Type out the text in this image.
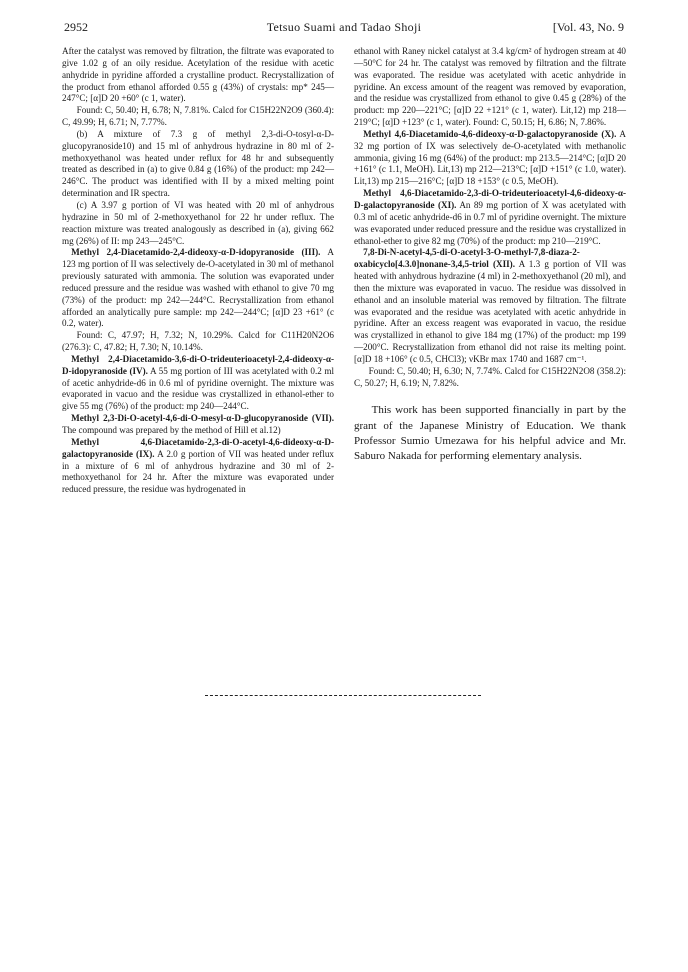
2952	Tetsuo Suami and Tadao Shoji	[Vol. 43, No. 9

After the catalyst was removed by filtration, the filtrate was evaporated to give 1.02 g of an oily residue. Acetylation of the residue with acetic anhydride in pyridine afforded a crystalline product. Recrystallization of the product from ethanol afforded 0.55 g (43%) of crystals: mp* 245—247°C; [α]D 20 +60° (c 1, water).

Found: C, 50.40; H, 6.78; N, 7.81%. Calcd for C15H22N2O9 (360.4): C, 49.99; H, 6.71; N, 7.77%.

(b) A mixture of 7.3 g of methyl 2,3-di-O-tosyl-α-D-glucopyranoside10) and 15 ml of anhydrous hydrazine in 80 ml of 2-methoxyethanol was heated under reflux for 48 hr and subsequently treated as described in (a) to give 0.84 g (16%) of the product: mp 242—246°C. The product was identified with II by a mixed melting point determination and IR spectra.

(c) A 3.97 g portion of VI was heated with 20 ml of anhydrous hydrazine in 50 ml of 2-methoxyethanol for 22 hr under reflux. The reaction mixture was treated analogously as described in (a), giving 662 mg (26%) of II: mp 243—245°C.

Methyl 2,4-Diacetamido-2,4-dideoxy-α-D-idopyranoside (III). A 123 mg portion of II was selectively de-O-acetylated in 30 ml of methanol previously saturated with ammonia. The solution was evaporated under reduced pressure and the residue was washed with ethanol to give 70 mg (73%) of the product: mp 242—244°C. Recrystallization from ethanol afforded an analytically pure sample: mp 242—244°C; [α]D 23 +61° (c 0.2, water).

Found: C, 47.97; H, 7.32; N, 10.29%. Calcd for C11H20N2O6 (276.3): C, 47.82; H, 7.30; N, 10.14%.

Methyl 2,4-Diacetamido-3,6-di-O-trideuterioacetyl-2,4-dideoxy-α-D-idopyranoside (IV). A 55 mg portion of III was acetylated with 0.2 ml of acetic anhydride-d6 in 0.6 ml of pyridine overnight. The mixture was evaporated in vacuo and the residue was crystallized in ethanol-ether to give 55 mg (76%) of the product: mp 240—244°C.

Methyl 2,3-Di-O-acetyl-4,6-di-O-mesyl-α-D-glucopyranoside (VII). The compound was prepared by the method of Hill et al.12)

Methyl 4,6-Diacetamido-2,3-di-O-acetyl-4,6-dideoxy-α-D-galactopyranoside (IX). A 2.0 g portion of VII was heated under reflux in a mixture of 6 ml of anhydrous hydrazine and 30 ml of 2-methoxyethanol for 24 hr. After the mixture was evaporated under reduced pressure, the residue was hydrogenated in

ethanol with Raney nickel catalyst at 3.4 kg/cm² of hydrogen stream at 40—50°C for 24 hr. The catalyst was removed by filtration and the filtrate was evaporated. The residue was acetylated with acetic anhydride in pyridine. An excess amount of the reagent was removed by evaporation, and the residue was crystallized from ethanol to give 0.45 g (28%) of the product: mp 220—221°C; [α]D 22 +121° (c 1, water). Lit,12) mp 218—219°C; [α]D +123° (c 1, water). Found: C, 50.15; H, 6.86; N, 7.86%.

Methyl 4,6-Diacetamido-4,6-dideoxy-α-D-galactopyranoside (X). A 32 mg portion of IX was selectively de-O-acetylated with methanolic ammonia, giving 16 mg (64%) of the product: mp 213.5—214°C; [α]D 20 +161° (c 1.1, MeOH). Lit,13) mp 212—213°C; [α]D +151° (c 1.0, water). Lit,13) mp 215—216°C; [α]D 18 +153° (c 0.5, MeOH).

Methyl 4,6-Diacetamido-2,3-di-O-trideuterioacetyl-4,6-dideoxy-α-D-galactopyranoside (XI). An 89 mg portion of X was acetylated with 0.3 ml of acetic anhydride-d6 in 0.7 ml of pyridine overnight. The mixture was evaporated under reduced pressure and the residue was crystallized in ethanol-ether to give 82 mg (70%) of the product: mp 210—219°C.

7,8-Di-N-acetyl-4,5-di-O-acetyl-3-O-methyl-7,8-diaza-2-oxabicyclo[4.3.0]nonane-3,4,5-triol (XII). A 1.3 g portion of VII was heated with anhydrous hydrazine (4 ml) in 2-methoxyethanol (20 ml), and then the mixture was evaporated in vacuo. The residue was dissolved in ethanol and an insoluble material was removed by filtration. The filtrate was evaporated and the residue was acetylated with acetic anhydride in pyridine. After an excess reagent was evaporated in vacuo, the residue was crystallized in ethanol to give 184 mg (17%) of the product: mp 199—200°C. Recrystallization from ethanol did not raise its melting point. [α]D 18 +106° (c 0.5, CHCl3); νKBr max 1740 and 1687 cm⁻¹.

Found: C, 50.40; H, 6.30; N, 7.74%. Calcd for C15H22N2O8 (358.2): C, 50.27; H, 6.19; N, 7.82%.

This work has been supported financially in part by the grant of the Japanese Ministry of Education. We thank Professor Sumio Umezawa for his helpful advice and Mr. Saburo Nakada for performing elementary analysis.
